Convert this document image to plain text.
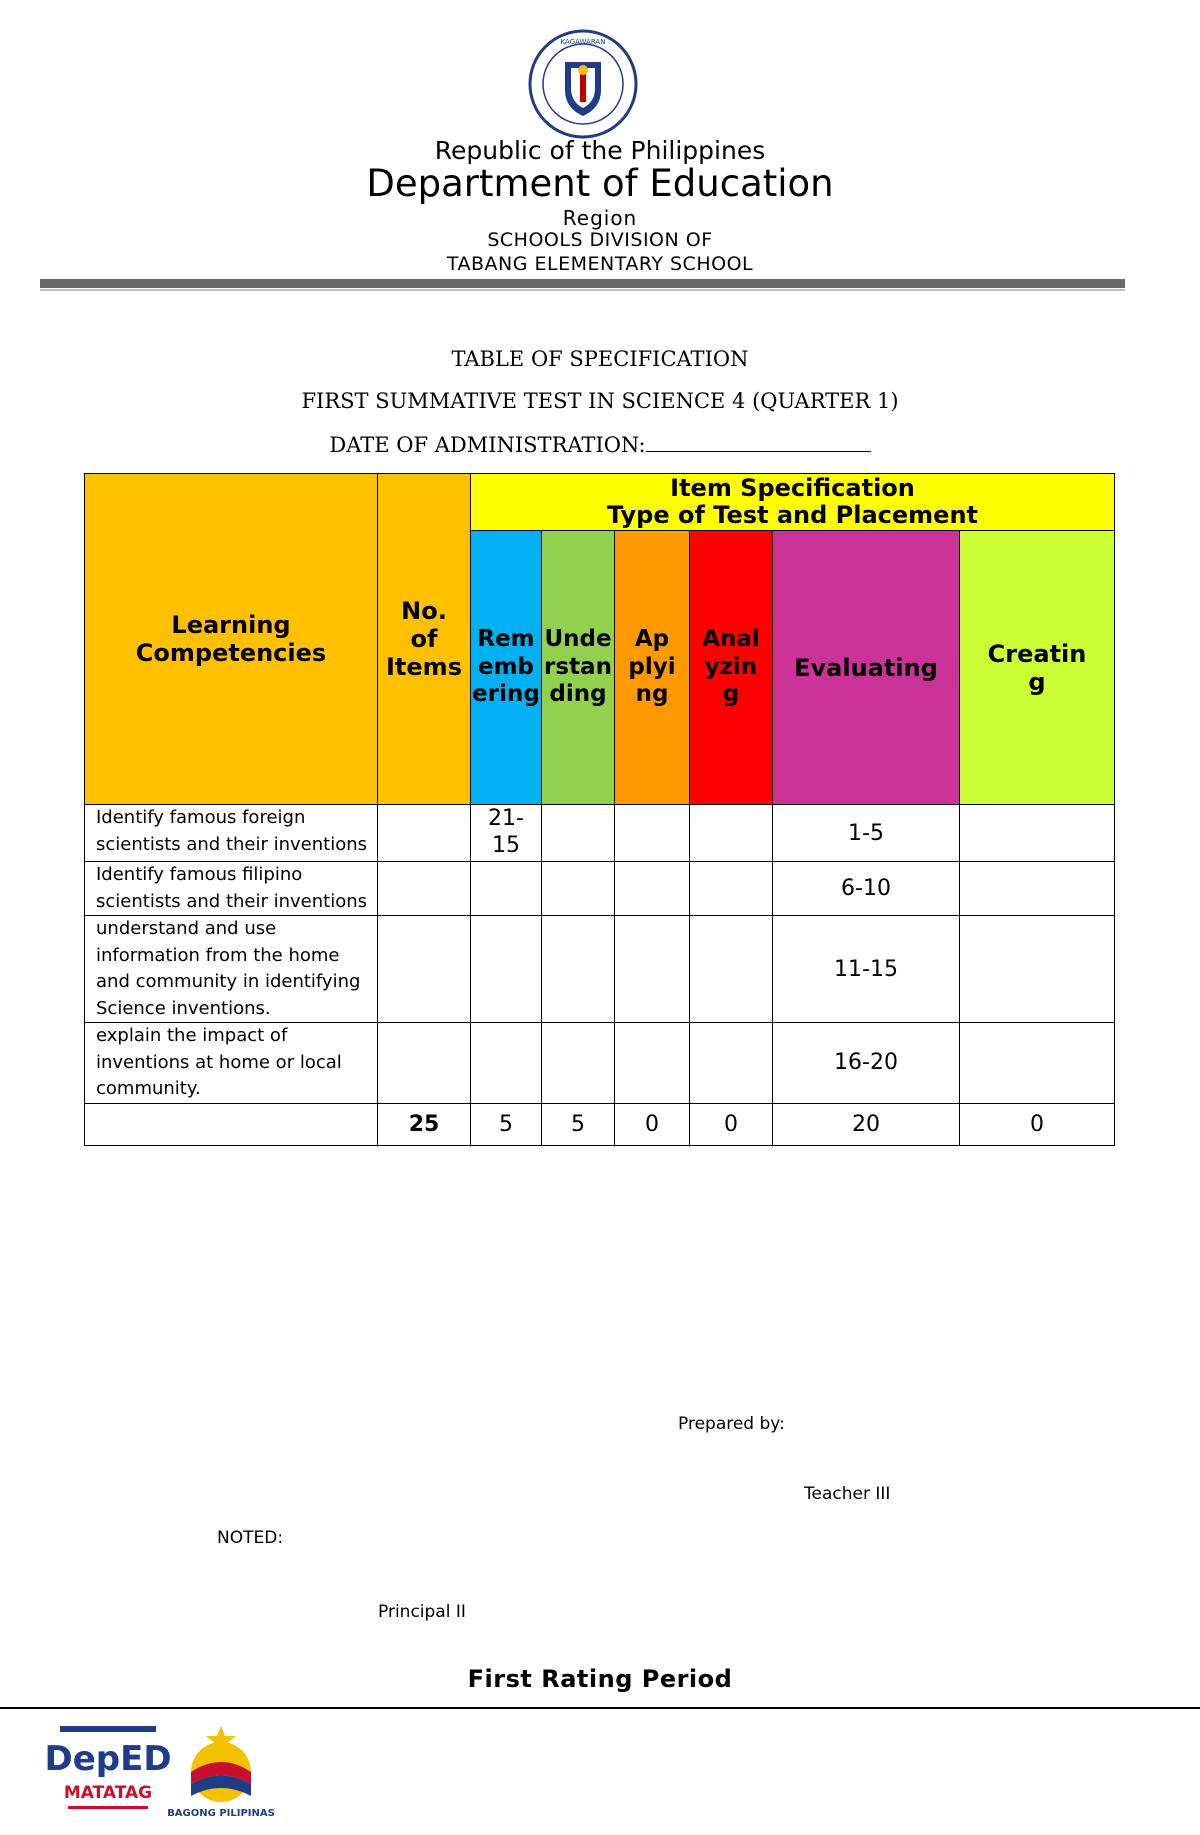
KAGAWARAN
Republic of the Philippines
Department of Education
Region
SCHOOLS DIVISION OF
TABANG ELEMENTARY SCHOOL
TABLE OF SPECIFICATION
FIRST SUMMATIVE TEST IN SCIENCE 4 (QUARTER 1)
DATE OF ADMINISTRATION:
Learning Competencies	No. of Items	Item Specification
Type of Test and Placement					

		Remembering	Understanding	Applying	Analyzing	Evaluating	Creating
Identify famous foreign scientists and their inventions		21-15				1-5	
Identify famous filipino scientists and their inventions						6-10	
understand and use information from the home and community in identifying Science inventions.						11-15	
explain the impact of inventions at home or local community.						16-20	
	25	5	5	0	0	20	0
Prepared by:
Teacher III
NOTED:
Principal II
First Rating Period
DepED
MATATAG
BAGONG PILIPINAS
